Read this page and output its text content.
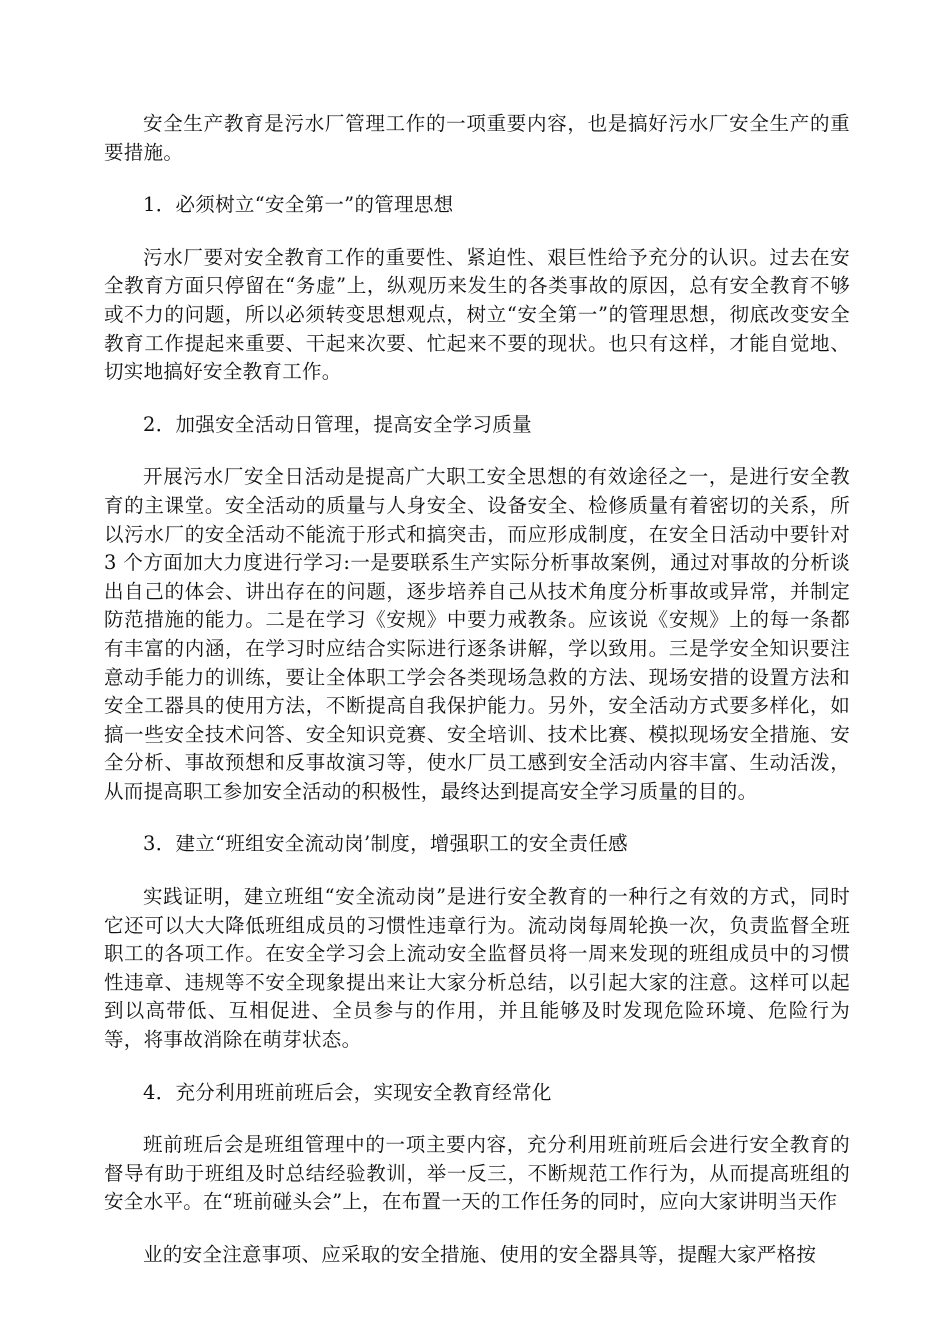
安全生产教育是污水厂管理工作的一项重要内容，也是搞好污水厂安全生产的重要措施。

1．必须树立“安全第一”的管理思想

污水厂要对安全教育工作的重要性、紧迫性、艰巨性给予充分的认识。过去在安全教育方面只停留在“务虚”上，纵观历来发生的各类事故的原因，总有安全教育不够或不力的问题，所以必须转变思想观点，树立“安全第一”的管理思想，彻底改变安全教育工作提起来重要、干起来次要、忙起来不要的现状。也只有这样，才能自觉地、切实地搞好安全教育工作。

2．加强安全活动日管理，提高安全学习质量

开展污水厂安全日活动是提高广大职工安全思想的有效途径之一，是进行安全教育的主课堂。安全活动的质量与人身安全、设备安全、检修质量有着密切的关系，所以污水厂的安全活动不能流于形式和搞突击，而应形成制度，在安全日活动中要针对 3 个方面加大力度进行学习:一是要联系生产实际分析事故案例，通过对事故的分析谈出自己的体会、讲出存在的问题，逐步培养自己从技术角度分析事故或异常，并制定防范措施的能力。二是在学习《安规》中要力戒教条。应该说《安规》上的每一条都有丰富的内涵，在学习时应结合实际进行逐条讲解，学以致用。三是学安全知识要注意动手能力的训练，要让全体职工学会各类现场急救的方法、现场安措的设置方法和安全工器具的使用方法，不断提高自我保护能力。另外，安全活动方式要多样化，如搞一些安全技术问答、安全知识竞赛、安全培训、技术比赛、模拟现场安全措施、安全分析、事故预想和反事故演习等，使水厂员工感到安全活动内容丰富、生动活泼，从而提高职工参加安全活动的积极性，最终达到提高安全学习质量的目的。

3．建立“班组安全流动岗’制度，增强职工的安全责任感

实践证明，建立班组“安全流动岗”是进行安全教育的一种行之有效的方式，同时它还可以大大降低班组成员的习惯性违章行为。流动岗每周轮换一次，负责监督全班职工的各项工作。在安全学习会上流动安全监督员将一周来发现的班组成员中的习惯性违章、违规等不安全现象提出来让大家分析总结，以引起大家的注意。这样可以起到以高带低、互相促进、全员参与的作用，并且能够及时发现危险环境、危险行为等，将事故消除在萌芽状态。

4．充分利用班前班后会，实现安全教育经常化

班前班后会是班组管理中的一项主要内容，充分利用班前班后会进行安全教育的督导有助于班组及时总结经验教训，举一反三，不断规范工作行为，从而提高班组的安全水平。在“班前碰头会”上，在布置一天的工作任务的同时，应向大家讲明当天作

业的安全注意事项、应采取的安全措施、使用的安全器具等，提醒大家严格按
